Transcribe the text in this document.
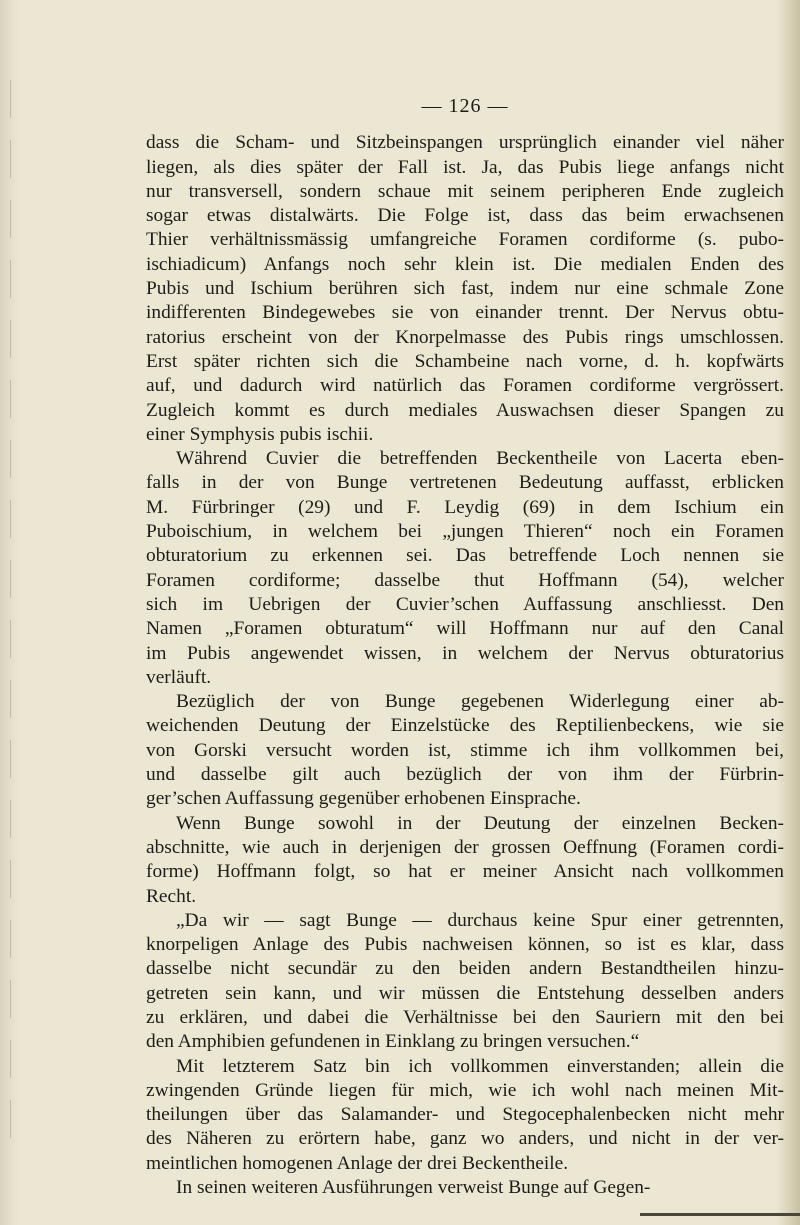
— 126 —

dass die Scham- und Sitzbeinspangen ursprünglich einander viel näher
liegen, als dies später der Fall ist. Ja, das Pubis liege anfangs nicht
nur transversell, sondern schaue mit seinem peripheren Ende zugleich
sogar etwas distalwärts. Die Folge ist, dass das beim erwachsenen
Thier verhältnissmässig umfangreiche Foramen cordiforme (s. pubo-
ischiadicum) Anfangs noch sehr klein ist. Die medialen Enden des
Pubis und Ischium berühren sich fast, indem nur eine schmale Zone
indifferenten Bindegewebes sie von einander trennt. Der Nervus obtu-
ratorius erscheint von der Knorpelmasse des Pubis rings umschlossen.
Erst später richten sich die Schambeine nach vorne, d. h. kopfwärts
auf, und dadurch wird natürlich das Foramen cordiforme vergrössert.
Zugleich kommt es durch mediales Auswachsen dieser Spangen zu
einer Symphysis pubis ischii.

Während Cuvier die betreffenden Beckentheile von Lacerta eben-
falls in der von Bunge vertretenen Bedeutung auffasst, erblicken
M. Fürbringer (29) und F. Leydig (69) in dem Ischium ein
Puboischium, in welchem bei „jungen Thieren“ noch ein Foramen
obturatorium zu erkennen sei. Das betreffende Loch nennen sie
Foramen cordiforme; dasselbe thut Hoffmann (54), welcher
sich im Uebrigen der Cuvier’schen Auffassung anschliesst. Den
Namen „Foramen obturatum“ will Hoffmann nur auf den Canal
im Pubis angewendet wissen, in welchem der Nervus obturatorius
verläuft.

Bezüglich der von Bunge gegebenen Widerlegung einer ab-
weichenden Deutung der Einzelstücke des Reptilienbeckens, wie sie
von Gorski versucht worden ist, stimme ich ihm vollkommen bei,
und dasselbe gilt auch bezüglich der von ihm der Fürbrin-
ger’schen Auffassung gegenüber erhobenen Einsprache.

Wenn Bunge sowohl in der Deutung der einzelnen Becken-
abschnitte, wie auch in derjenigen der grossen Oeffnung (Foramen cordi-
forme) Hoffmann folgt, so hat er meiner Ansicht nach vollkommen
Recht.

„Da wir — sagt Bunge — durchaus keine Spur einer getrennten,
knorpeligen Anlage des Pubis nachweisen können, so ist es klar, dass
dasselbe nicht secundär zu den beiden andern Bestandtheilen hinzu-
getreten sein kann, und wir müssen die Entstehung desselben anders
zu erklären, und dabei die Verhältnisse bei den Sauriern mit den bei
den Amphibien gefundenen in Einklang zu bringen versuchen.“

Mit letzterem Satz bin ich vollkommen einverstanden; allein die
zwingenden Gründe liegen für mich, wie ich wohl nach meinen Mit-
theilungen über das Salamander- und Stegocephalenbecken nicht mehr
des Näheren zu erörtern habe, ganz wo anders, und nicht in der ver-
meintlichen homogenen Anlage der drei Beckentheile.

In seinen weiteren Ausführungen verweist Bunge auf Gegen-
